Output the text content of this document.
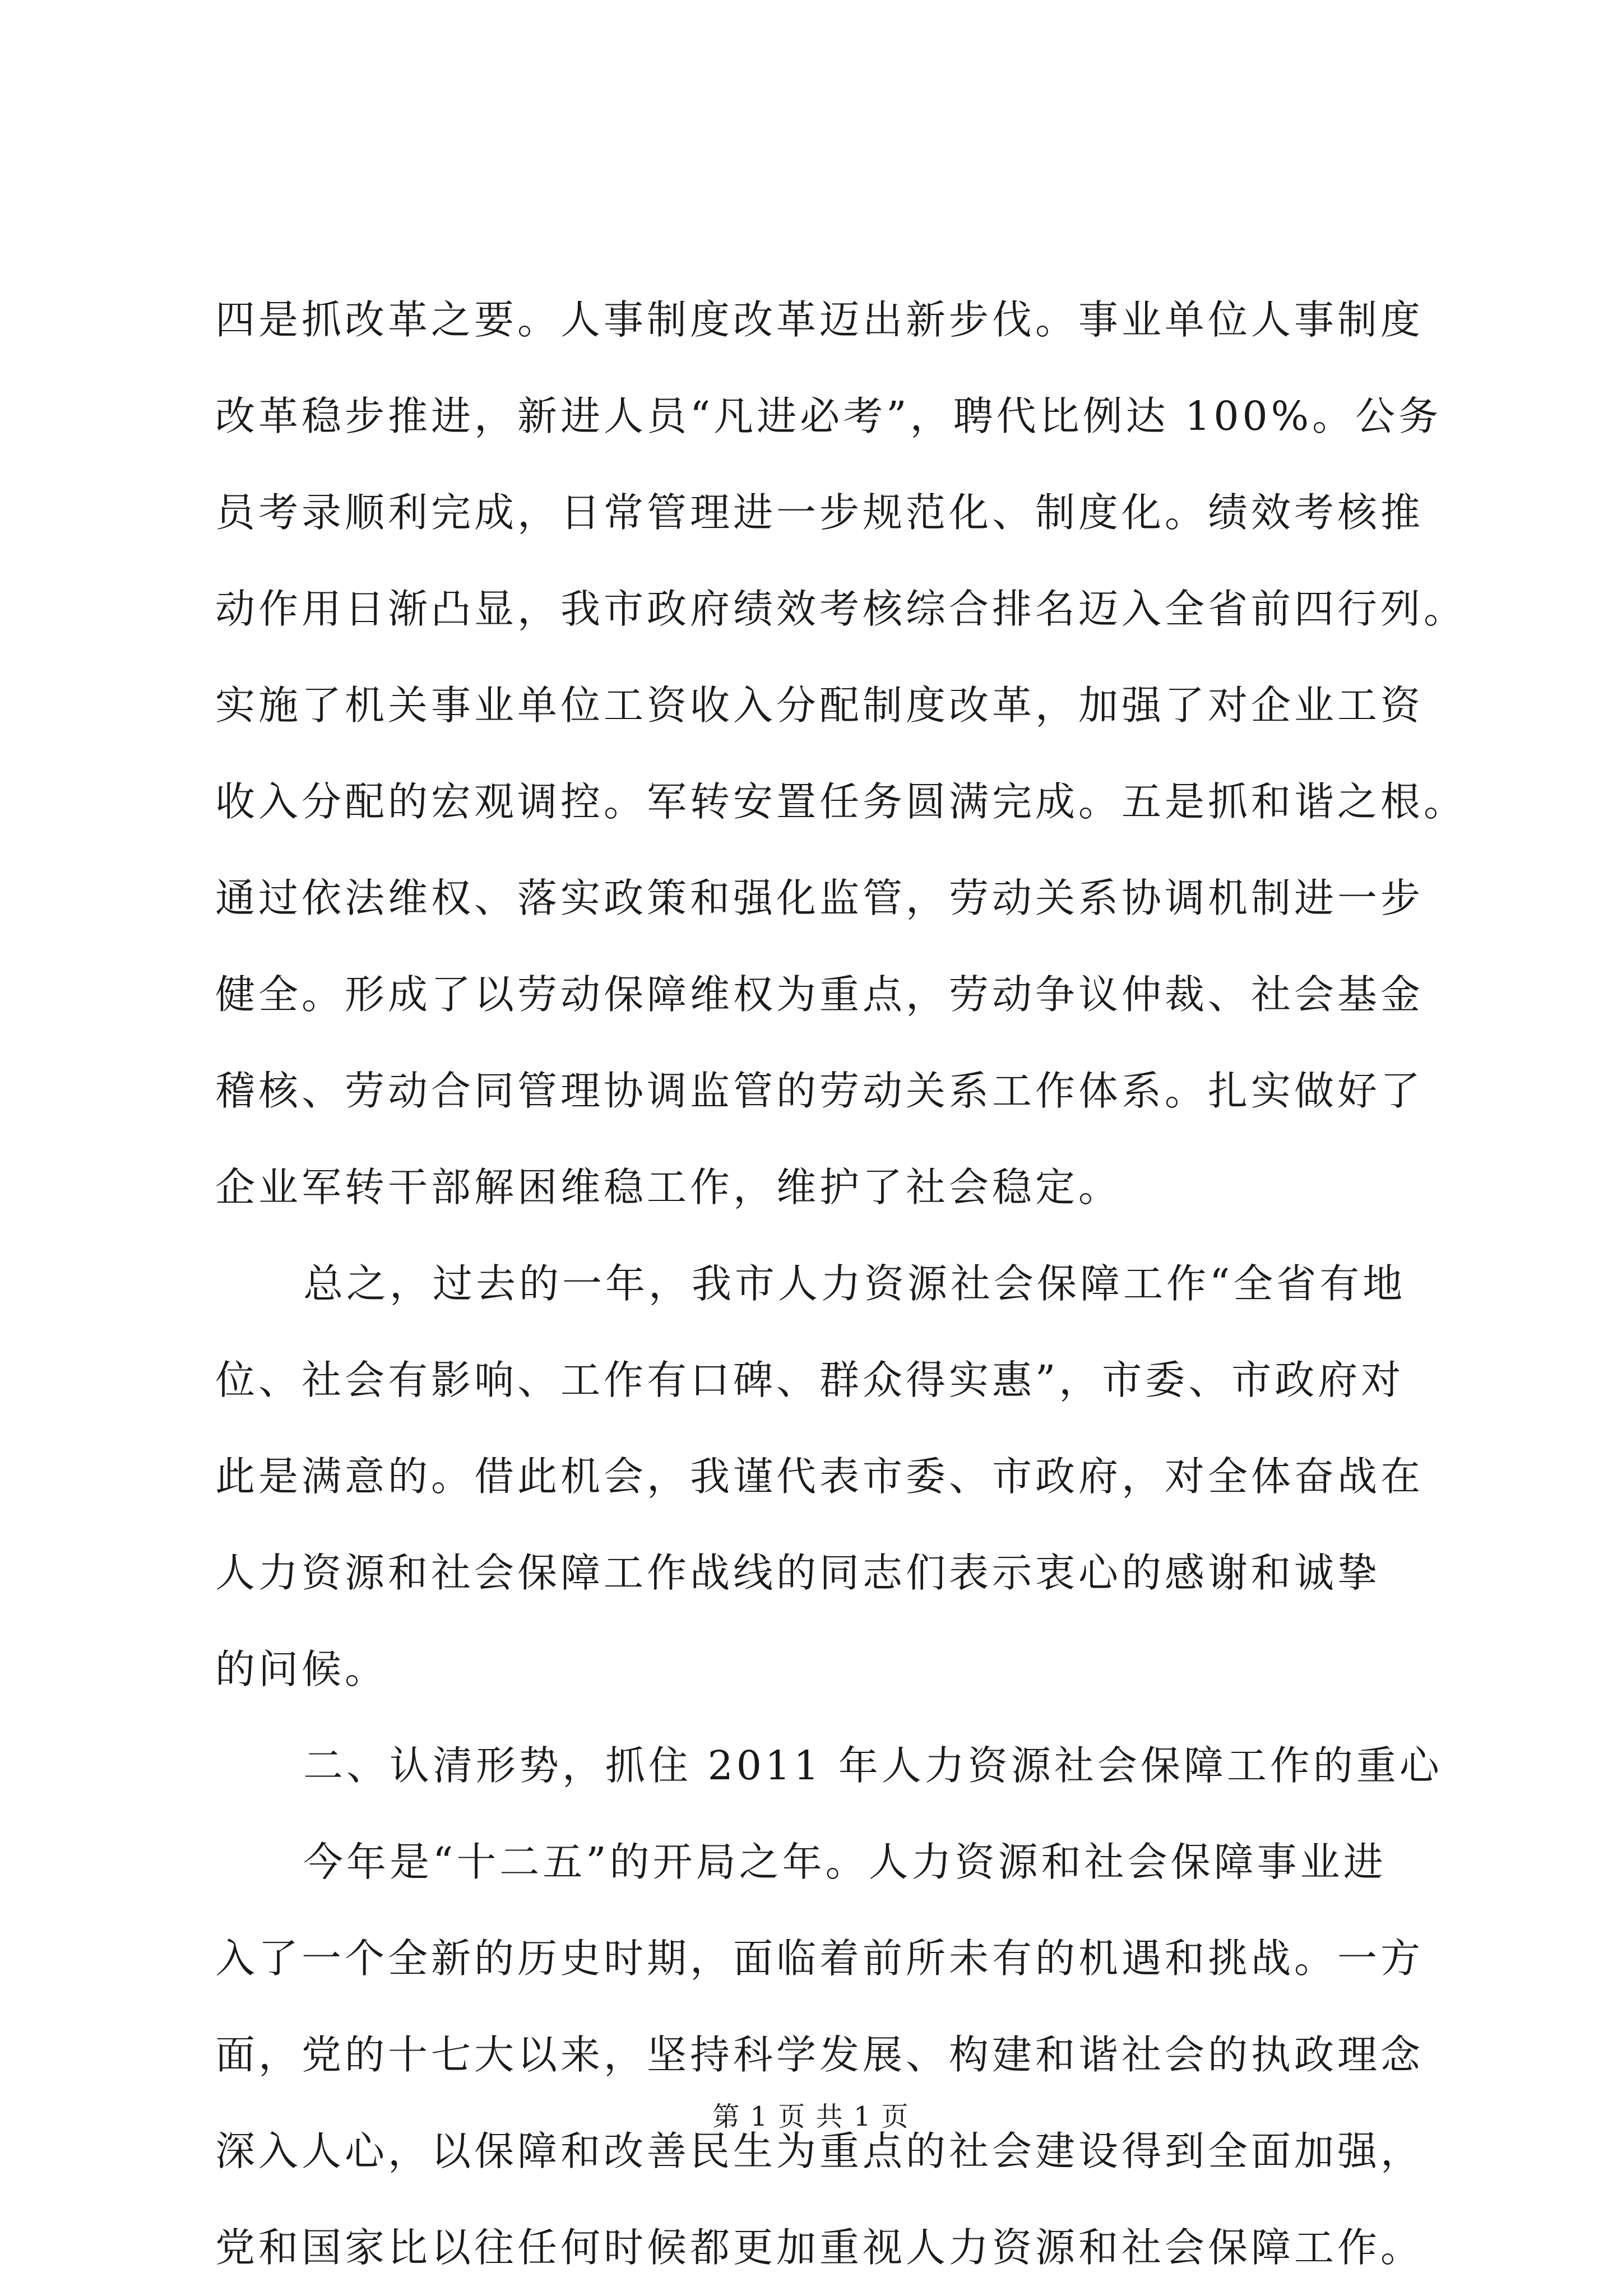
四是抓改革之要。人事制度改革迈出新步伐。事业单位人事制度
改革稳步推进，新进人员“凡进必考”，聘代比例达 100%。公务
员考录顺利完成，日常管理进一步规范化、制度化。绩效考核推
动作用日渐凸显，我市政府绩效考核综合排名迈入全省前四行列。
实施了机关事业单位工资收入分配制度改革，加强了对企业工资
收入分配的宏观调控。军转安置任务圆满完成。五是抓和谐之根。
通过依法维权、落实政策和强化监管，劳动关系协调机制进一步
健全。形成了以劳动保障维权为重点，劳动争议仲裁、社会基金
稽核、劳动合同管理协调监管的劳动关系工作体系。扎实做好了
企业军转干部解困维稳工作，维护了社会稳定。
总之，过去的一年，我市人力资源社会保障工作“全省有地
位、社会有影响、工作有口碑、群众得实惠”，市委、市政府对
此是满意的。借此机会，我谨代表市委、市政府，对全体奋战在
人力资源和社会保障工作战线的同志们表示衷心的感谢和诚挚
的问候。
二、认清形势，抓住 2011 年人力资源社会保障工作的重心
今年是“十二五”的开局之年。人力资源和社会保障事业进
入了一个全新的历史时期，面临着前所未有的机遇和挑战。一方
面，党的十七大以来，坚持科学发展、构建和谐社会的执政理念
深入人心，以保障和改善民生为重点的社会建设得到全面加强，
党和国家比以往任何时候都更加重视人力资源和社会保障工作。
第 1 页 共 1 页
